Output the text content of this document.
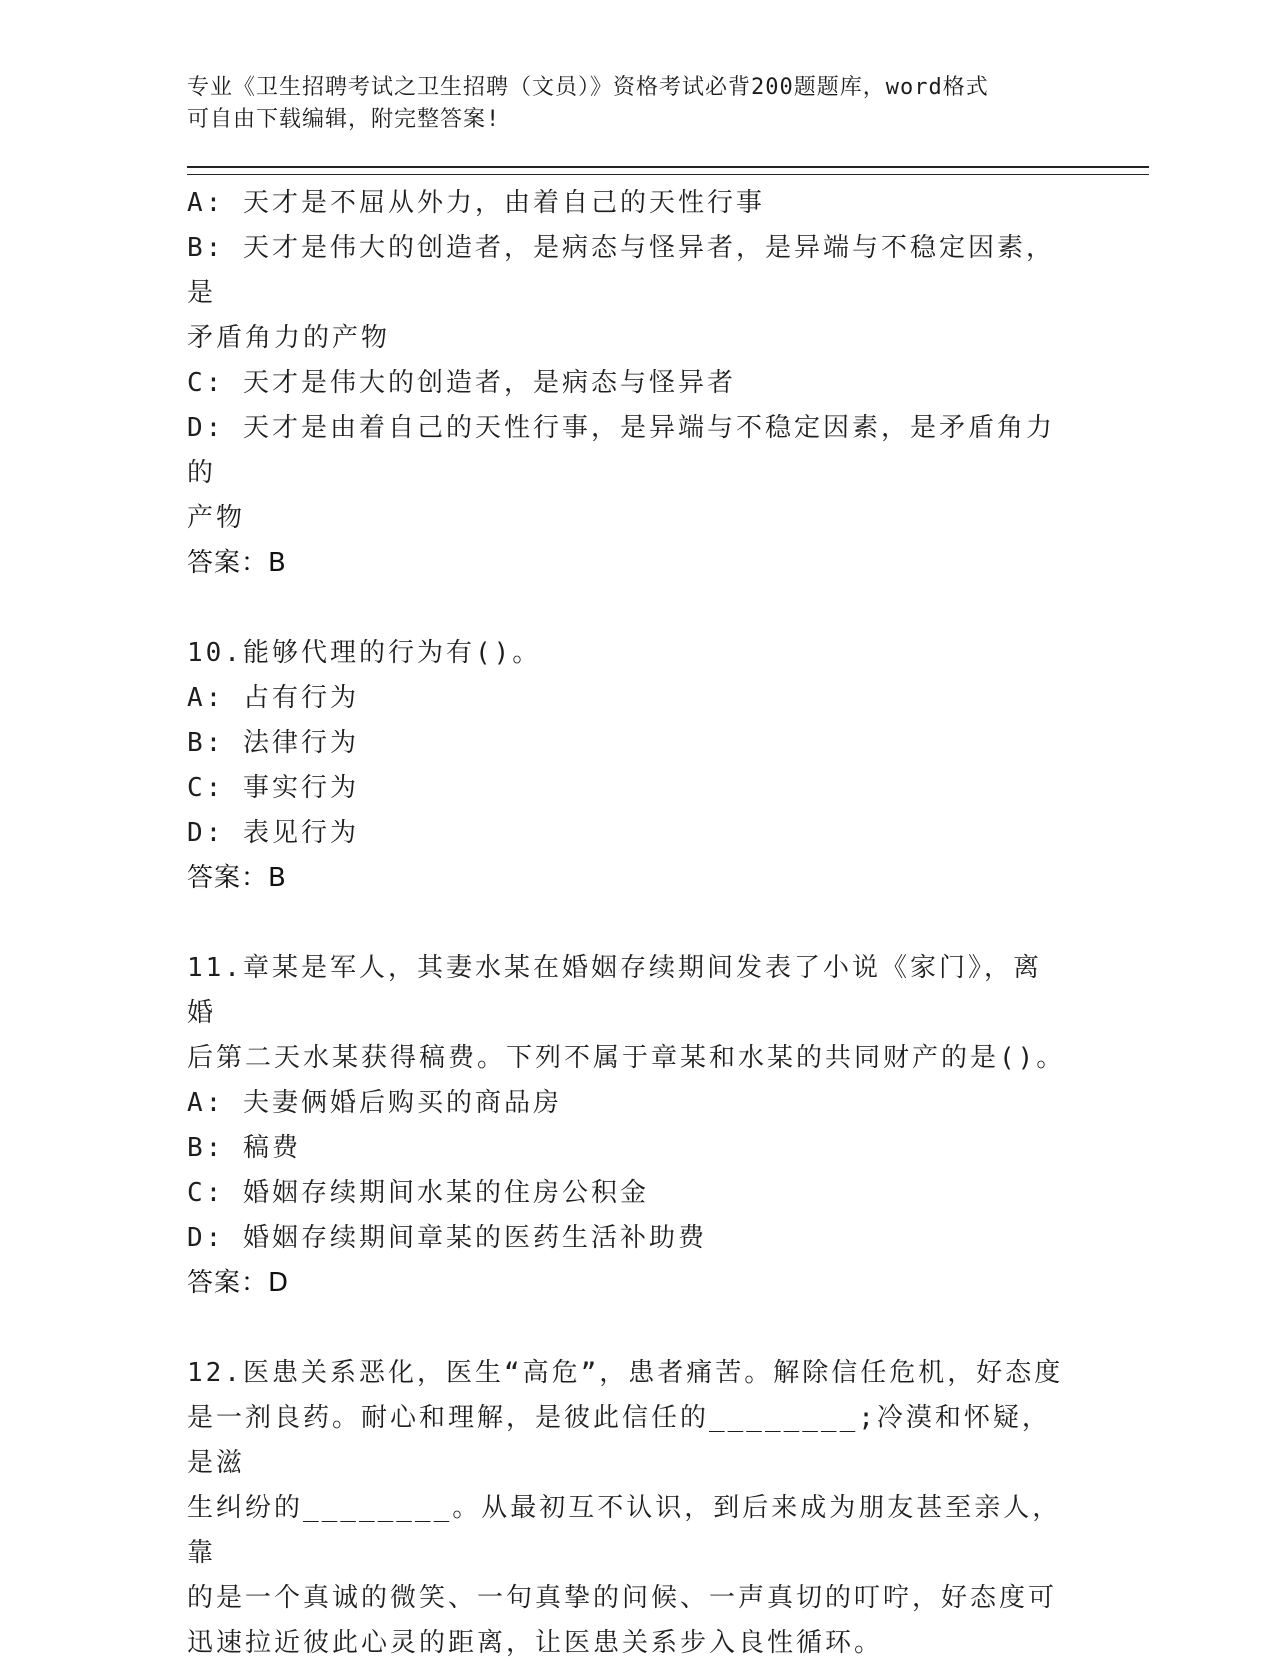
专业《卫生招聘考试之卫生招聘（文员）》资格考试必背200题题库，word格式
可自由下载编辑，附完整答案!
A: 天才是不屈从外力，由着自己的天性行事
B: 天才是伟大的创造者，是病态与怪异者，是异端与不稳定因素，是
矛盾角力的产物
C: 天才是伟大的创造者，是病态与怪异者
D: 天才是由着自己的天性行事，是异端与不稳定因素，是矛盾角力的
产物
答案：B
10.能够代理的行为有()。
A: 占有行为
B: 法律行为
C: 事实行为
D: 表见行为
答案：B
11.章某是军人，其妻水某在婚姻存续期间发表了小说《家门》，离婚
后第二天水某获得稿费。下列不属于章某和水某的共同财产的是()。
A: 夫妻俩婚后购买的商品房
B: 稿费
C: 婚姻存续期间水某的住房公积金
D: 婚姻存续期间章某的医药生活补助费
答案：D
12.医患关系恶化，医生“高危”，患者痛苦。解除信任危机，好态度
是一剂良药。耐心和理解，是彼此信任的________;冷漠和怀疑，是滋
生纠纷的________。从最初互不认识，到后来成为朋友甚至亲人，靠
的是一个真诚的微笑、一句真挚的问候、一声真切的叮咛，好态度可
迅速拉近彼此心灵的距离，让医患关系步入良性循环。
